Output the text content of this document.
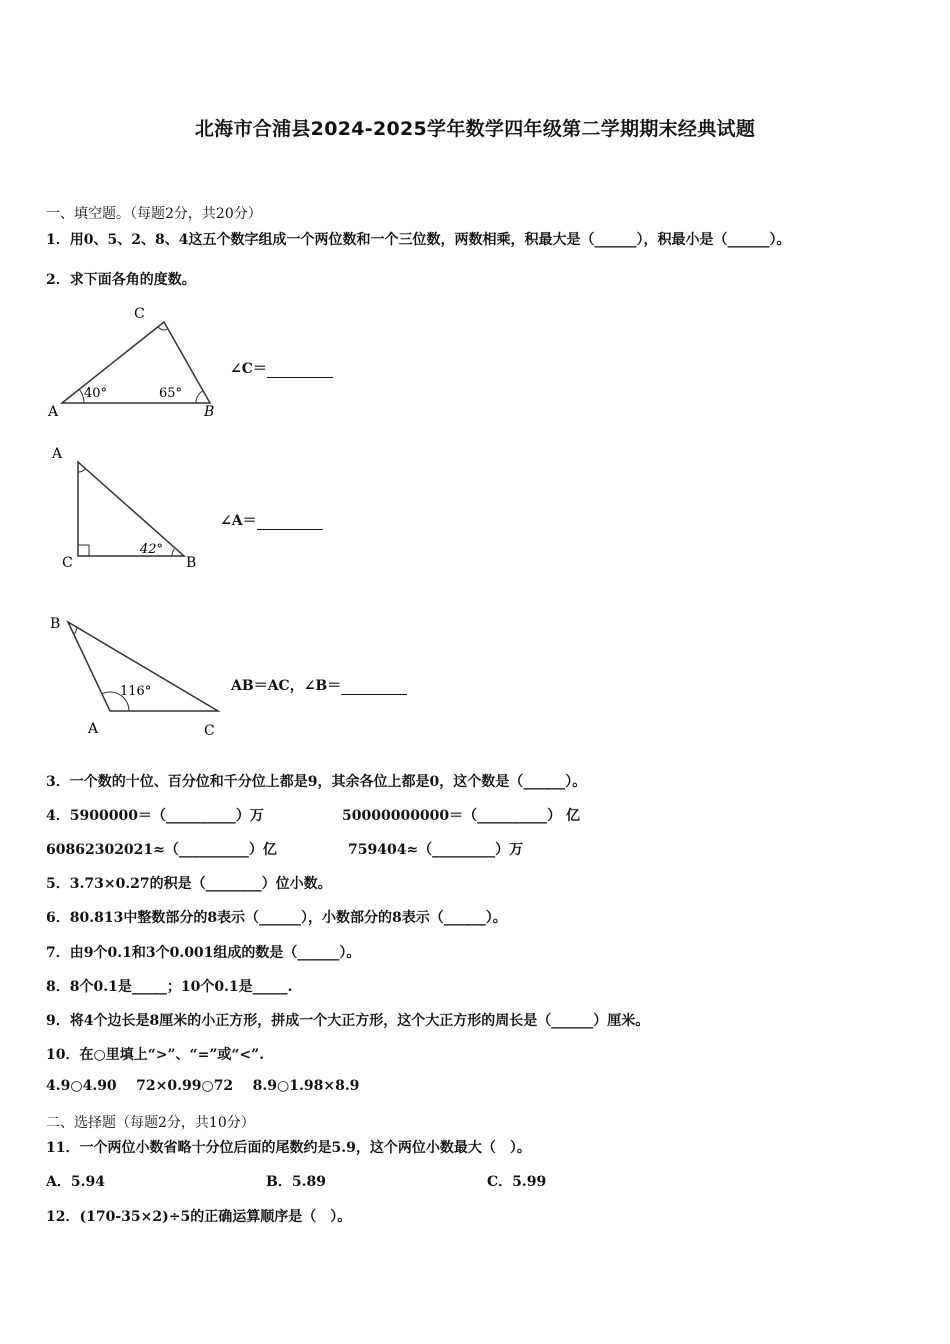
北海市合浦县2024-2025学年数学四年级第二学期期末经典试题
一、填空题。（每题2分，共20分）
1．用0、5、2、8、4这五个数字组成一个两位数和一个三位数，两数相乘，积最大是（______），积最小是（______）。
2．求下面各角的度数。
C
A	B
40°	65°
∠C＝
A
C	B
42°
∠A＝
B
A	C
116°	AB＝AC，∠B＝
3．一个数的十位、百分位和千分位上都是9，其余各位上都是0，这个数是（______）。
4．5900000＝（__________）万	50000000000＝（__________） 亿
60862302021≈（__________）亿	759404≈（_________）万
5．3.73×0.27的积是（________）位小数。
6．80.813中整数部分的8表示（______），小数部分的8表示（______）。
7．由9个0.1和3个0.001组成的数是（______）。
8．8个0.1是_____；10个0.1是_____.
9．将4个边长是8厘米的小正方形，拼成一个大正方形，这个大正方形的周长是（______）厘米。
10．在○里填上“>”、“=”或“<”.
4.9○4.90    72×0.99○72    8.9○1.98×8.9
二、选择题（每题2分，共10分）
11．一个两位小数省略十分位后面的尾数约是5.9，这个两位小数最大（　）。
A．5.94	B．5.89	C．5.99
12．(170-35×2)÷5的正确运算顺序是（　）。
